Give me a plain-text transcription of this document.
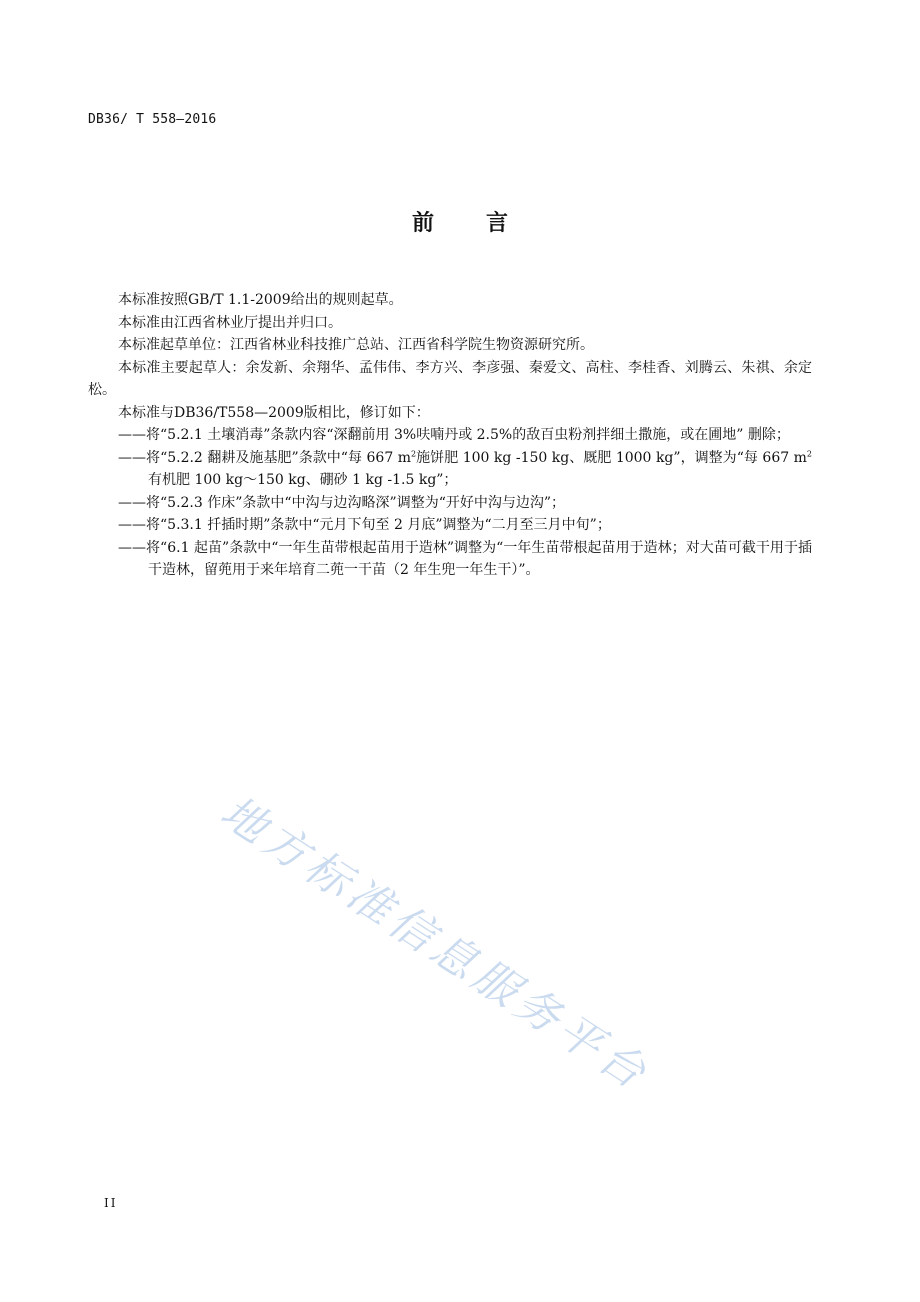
DB36/ T 558—2016
前 言

本标准按照GB/T 1.1-2009给出的规则起草。

本标准由江西省林业厅提出并归口。

本标准起草单位：江西省林业科技推广总站、江西省科学院生物资源研究所。

本标准主要起草人：余发新、余翔华、孟伟伟、李方兴、李彦强、秦爱文、高柱、李桂香、刘腾云、朱祺、余定松。

本标准与DB36/T558—2009版相比，修订如下：

——将“5.2.1 土壤消毒”条款内容“深翻前用 3%呋喃丹或 2.5%的敌百虫粉剂拌细土撒施，或在圃地” 删除；

——将“5.2.2 翻耕及施基肥”条款中“每 667 $m^2$施饼肥 100 kg -150 kg、厩肥 1000 kg”，调整为“每 667 $m^2$有机肥 100 kg～150 kg、硼砂 1 kg -1.5 kg”；

——将“5.2.3 作床”条款中“中沟与边沟略深”调整为“开好中沟与边沟”；

——将“5.3.1 扦插时期”条款中“元月下旬至 2 月底”调整为“二月至三月中旬”；

——将“6.1 起苗”条款中“一年生苗带根起苗用于造林”调整为“一年生苗带根起苗用于造林；对大苗可截干用于插干造林，留蔸用于来年培育二蔸一干苗（2 年生兜一年生干）”。

地方标准信息服务平台
II
